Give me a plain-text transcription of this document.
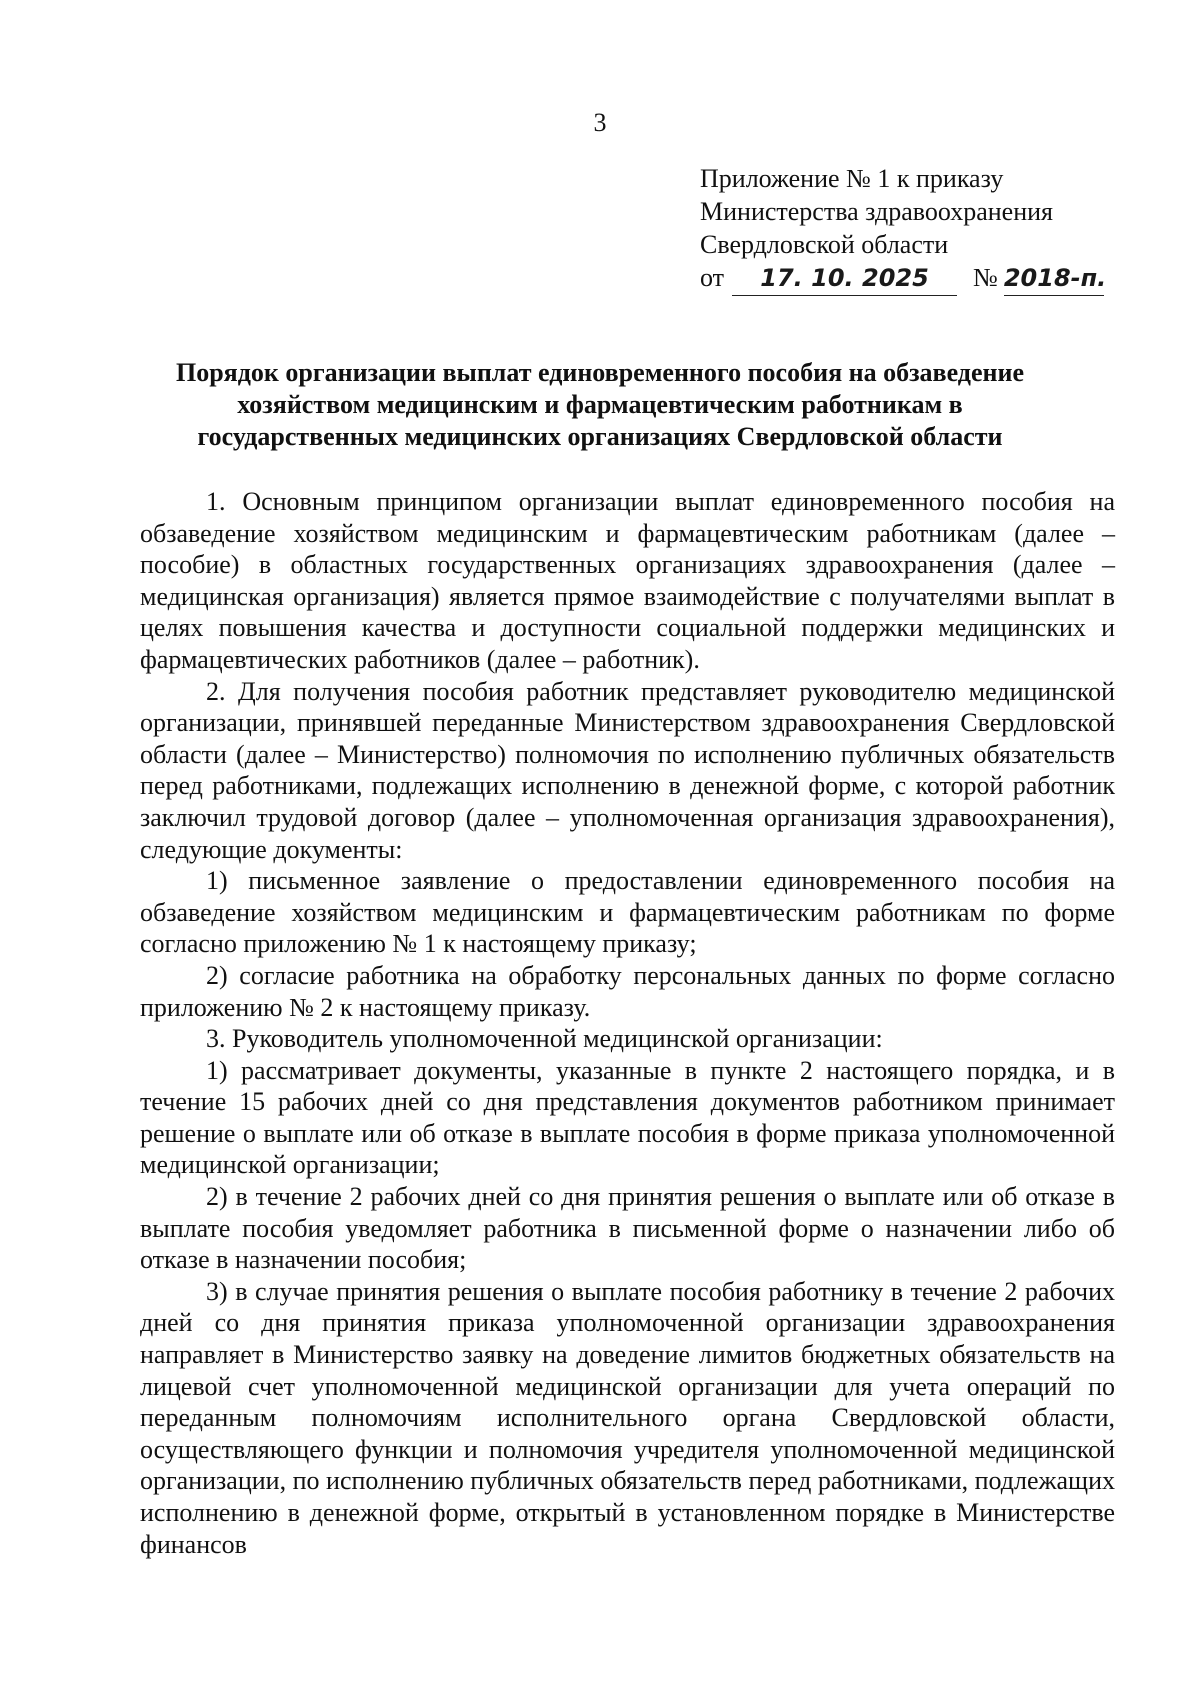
3
Приложение № 1 к приказу
Министерства здравоохранения
Свердловской области
от 17. 10. 2025 № 2018-п.
Порядок организации выплат единовременного пособия на обзаведение
хозяйством медицинским и фармацевтическим работникам в
государственных медицинских организациях Свердловской области

1. Основным принципом организации выплат единовременного пособия на обзаведение хозяйством медицинским и фармацевтическим работникам (далее – пособие) в областных государственных организациях здравоохранения (далее – медицинская организация) является прямое взаимодействие с получателями выплат в целях повышения качества и доступности социальной поддержки медицинских и фармацевтических работников (далее – работник).

2. Для получения пособия работник представляет руководителю медицинской организации, принявшей переданные Министерством здравоохранения Свердловской области (далее – Министерство) полномочия по исполнению публичных обязательств перед работниками, подлежащих исполнению в денежной форме, с которой работник заключил трудовой договор (далее – уполномоченная организация здравоохранения), следующие документы:

1) письменное заявление о предоставлении единовременного пособия на обзаведение хозяйством медицинским и фармацевтическим работникам по форме согласно приложению № 1 к настоящему приказу;

2) согласие работника на обработку персональных данных по форме согласно приложению № 2 к настоящему приказу.

3. Руководитель уполномоченной медицинской организации:

1) рассматривает документы, указанные в пункте 2 настоящего порядка, и в течение 15 рабочих дней со дня представления документов работником принимает решение о выплате или об отказе в выплате пособия в форме приказа уполномоченной медицинской организации;

2) в течение 2 рабочих дней со дня принятия решения о выплате или об отказе в выплате пособия уведомляет работника в письменной форме о назначении либо об отказе в назначении пособия;

3) в случае принятия решения о выплате пособия работнику в течение 2 рабочих дней со дня принятия приказа уполномоченной организации здравоохранения направляет в Министерство заявку на доведение лимитов бюджетных обязательств на лицевой счет уполномоченной медицинской организации для учета операций по переданным полномочиям исполнительного органа Свердловской области, осуществляющего функции и полномочия учредителя уполномоченной медицинской организации, по исполнению публичных обязательств перед работниками, подлежащих исполнению в денежной форме, открытый в установленном порядке в Министерстве финансов
